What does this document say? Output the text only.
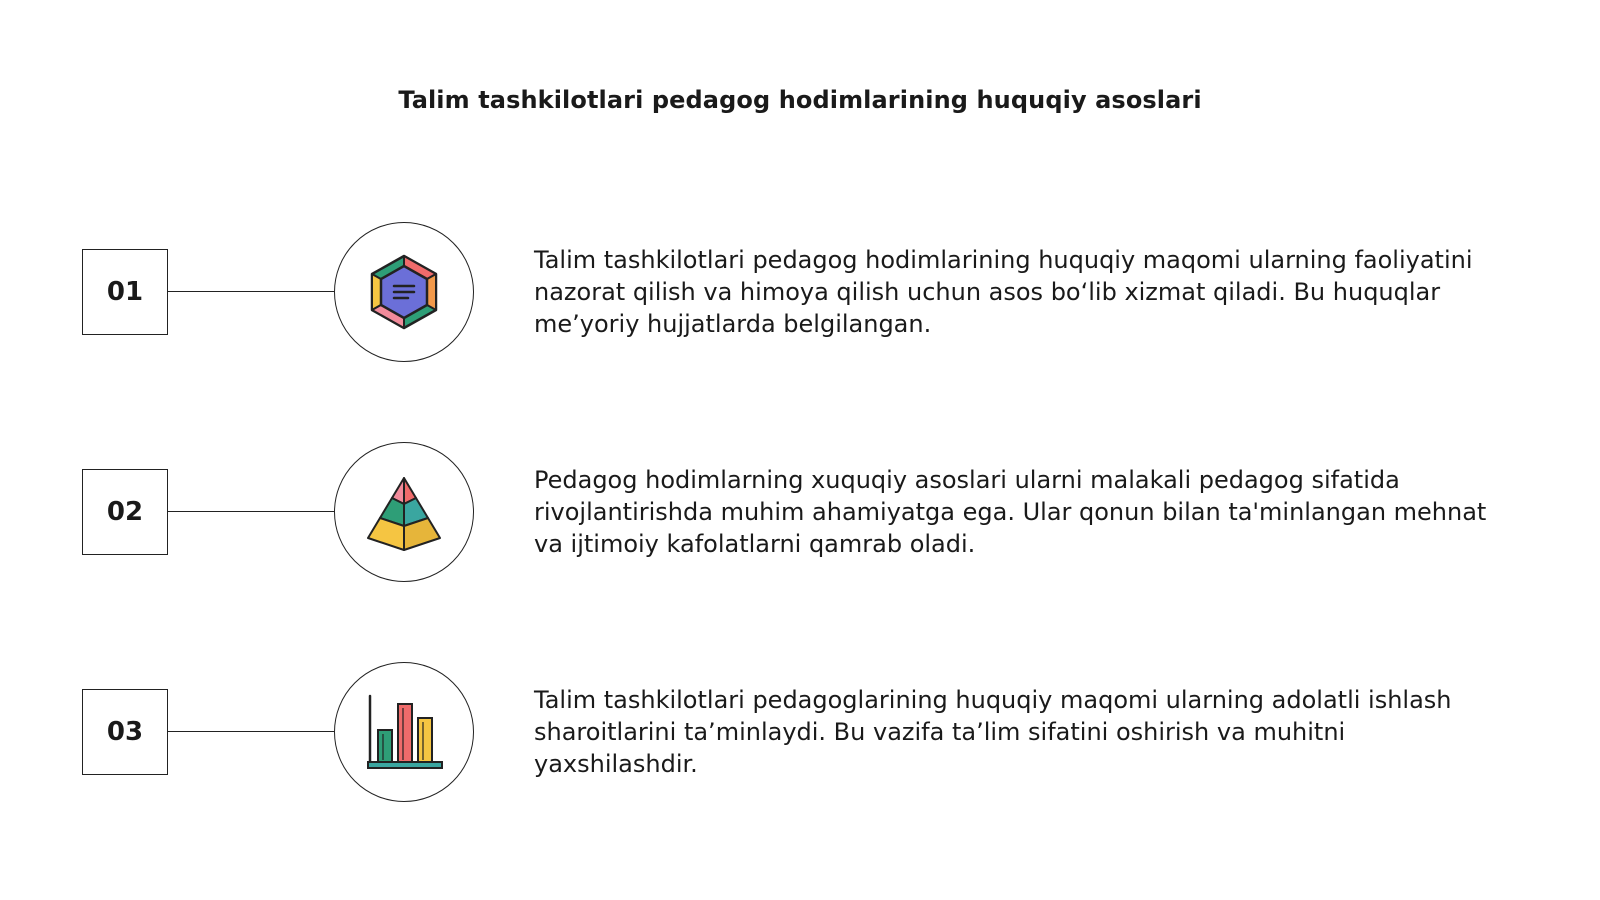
Talim tashkilotlari pedagog hodimlarining huquqiy asoslari
01
Talim tashkilotlari pedagog hodimlarining huquqiy maqomi ularning faoliyatini nazorat qilish va himoya qilish uchun asos bo‘lib xizmat qiladi. Bu huquqlar me’yoriy hujjatlarda belgilangan.
02
Pedagog hodimlarning xuquqiy asoslari ularni malakali pedagog sifatida rivojlantirishda muhim ahamiyatga ega. Ular qonun bilan ta'minlangan mehnat va ijtimoiy kafolatlarni qamrab oladi.
03
Talim tashkilotlari pedagoglarining huquqiy maqomi ularning adolatli ishlash sharoitlarini ta’minlaydi. Bu vazifa ta’lim sifatini oshirish va muhitni yaxshilashdir.
